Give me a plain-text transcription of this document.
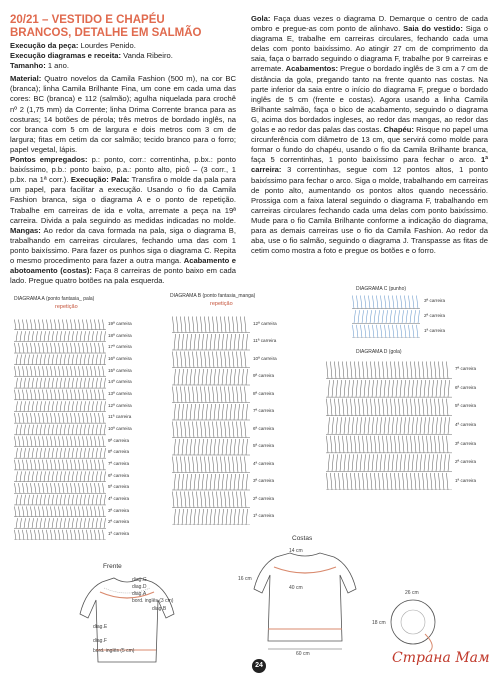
20/21 – VESTIDO E CHAPÉU
BRANCOS, DETALHE EM SALMÃO

Execução da peça: Lourdes Penido.

Execução diagramas e receita: Vanda Ribeiro.

Tamanho: 1 ano.

Material: Quatro novelos da Camila Fashion (500 m), na cor BC (branca); linha Camila Brilhante Fina, um cone em cada uma das cores: BC (branca) e 112 (salmão); agulha niquelada para crochê nº 2 (1,75 mm) da Corrente; linha Drima Corrente branca para as costuras; 14 botões de pérola; três metros de bordado inglês, na cor branca com 5 cm de largura e dois metros com 3 cm de largura; fitas em cetim da cor salmão; tecido branco para o forro; papel vegetal, lápis.

Pontos empregados: p.: ponto, corr.: correntinha, p.bx.: ponto baixíssimo, p.b.: ponto baixo, p.a.: ponto alto, picô – (3 corr., 1 p.bx. na 1ª corr.). Execução: Pala: Transfira o molde da pala para um papel, para facilitar a execução. Usando o fio da Camila Fashion branca, siga o diagrama A e o ponto de repetição. Trabalhe em carreiras de ida e volta, arremate a peça na 19ª carreira. Divida a pala seguindo as medidas indicadas no molde. Mangas: Ao redor da cava formada na pala, siga o diagrama B, trabalhando em carreiras circulares, fechando uma das com 1 ponto baixíssimo. Para fazer os punhos siga o diagrama C. Repita o mesmo procedimento para fazer a outra manga. Acabamento e abotoamento (costas): Faça 8 carreiras de ponto baixo em cada lado. Pregue quatro botões na pala esquerda.

Gola: Faça duas vezes o diagrama D. Demarque o centro de cada ombro e pregue-as com ponto de alinhavo. Saia do vestido: Siga o diagrama E, trabalhe em carreiras circulares, fechando cada uma delas com ponto baixíssimo. Ao atingir 27 cm de comprimento da saia, faça o barrado seguindo o diagrama F, trabalhe por 9 carreiras e arremate. Acabamentos: Pregue o bordado inglês de 3 cm a 7 cm de distância da gola, pregando tanto na frente quanto nas costas. Na parte inferior da saia entre o início do diagrama F, pregue o bordado inglês de 5 cm (frente e costas). Agora usando a linha Camila Brilhante salmão, faça o bico de acabamento, seguindo o diagrama G, acima dos bordados ingleses, ao redor das mangas, ao redor das golas e ao redor das palas das costas. Chapéu: Risque no papel uma circunferência com diâmetro de 13 cm, que servirá como molde para formar o fundo do chapéu, usando o fio da Camila Brilhante branca, faça 5 correntinhas, 1 ponto baixíssimo para fechar o arco. 1ª carreira: 3 correntinhas, segue com 12 pontos altos, 1 ponto baixíssimo para fechar o arco. Siga o molde, trabalhando em carreiras de ponto alto, aumentando os pontos altos quando necessário. Prossiga com a faixa lateral seguindo o diagrama F, trabalhando em carreiras circulares fechando cada uma delas com ponto baixíssimo. Mude para o fio Camila Brilhante conforme a indicação do diagrama, para as demais carreiras use o fio da Camila Fashion. Ao redor da aba, use o fio salmão, seguindo o diagrama J. Transpasse as fitas de cetim como mostra a foto e pregue os botões e o forro.

DIAGRAMA A (ponto fantasia_ pala)
repetição
DIAGRAMA B (ponto fantasia_manga)
repetição
DIAGRAMA C (punho)
DIAGRAMA D (gola)
Frente
diag.G
diag.D
diag.A
bord. inglês (3 cm)
diag.B
diag.E
diag.F
bord. inglês (5 cm)
Costas
14 cm
16 cm
40 cm
60 cm
26 cm
18 cm
24	Страна Мам
19ª carreira
18ª carreira
17ª carreira
16ª carreira
15ª carreira
14ª carreira
13ª carreira
12ª carreira
11ª carreira
10ª carreira
9ª carreira
8ª carreira
7ª carreira
6ª carreira
5ª carreira
4ª carreira
3ª carreira
2ª carreira
1ª carreira
12ª carreira
11ª carreira
10ª carreira
9ª carreira
8ª carreira
7ª carreira
6ª carreira
5ª carreira
4ª carreira
3ª carreira
2ª carreira
1ª carreira
3ª carreira
2ª carreira
1ª carreira
7ª carreira
6ª carreira
5ª carreira
4ª carreira
3ª carreira
2ª carreira
1ª carreira
